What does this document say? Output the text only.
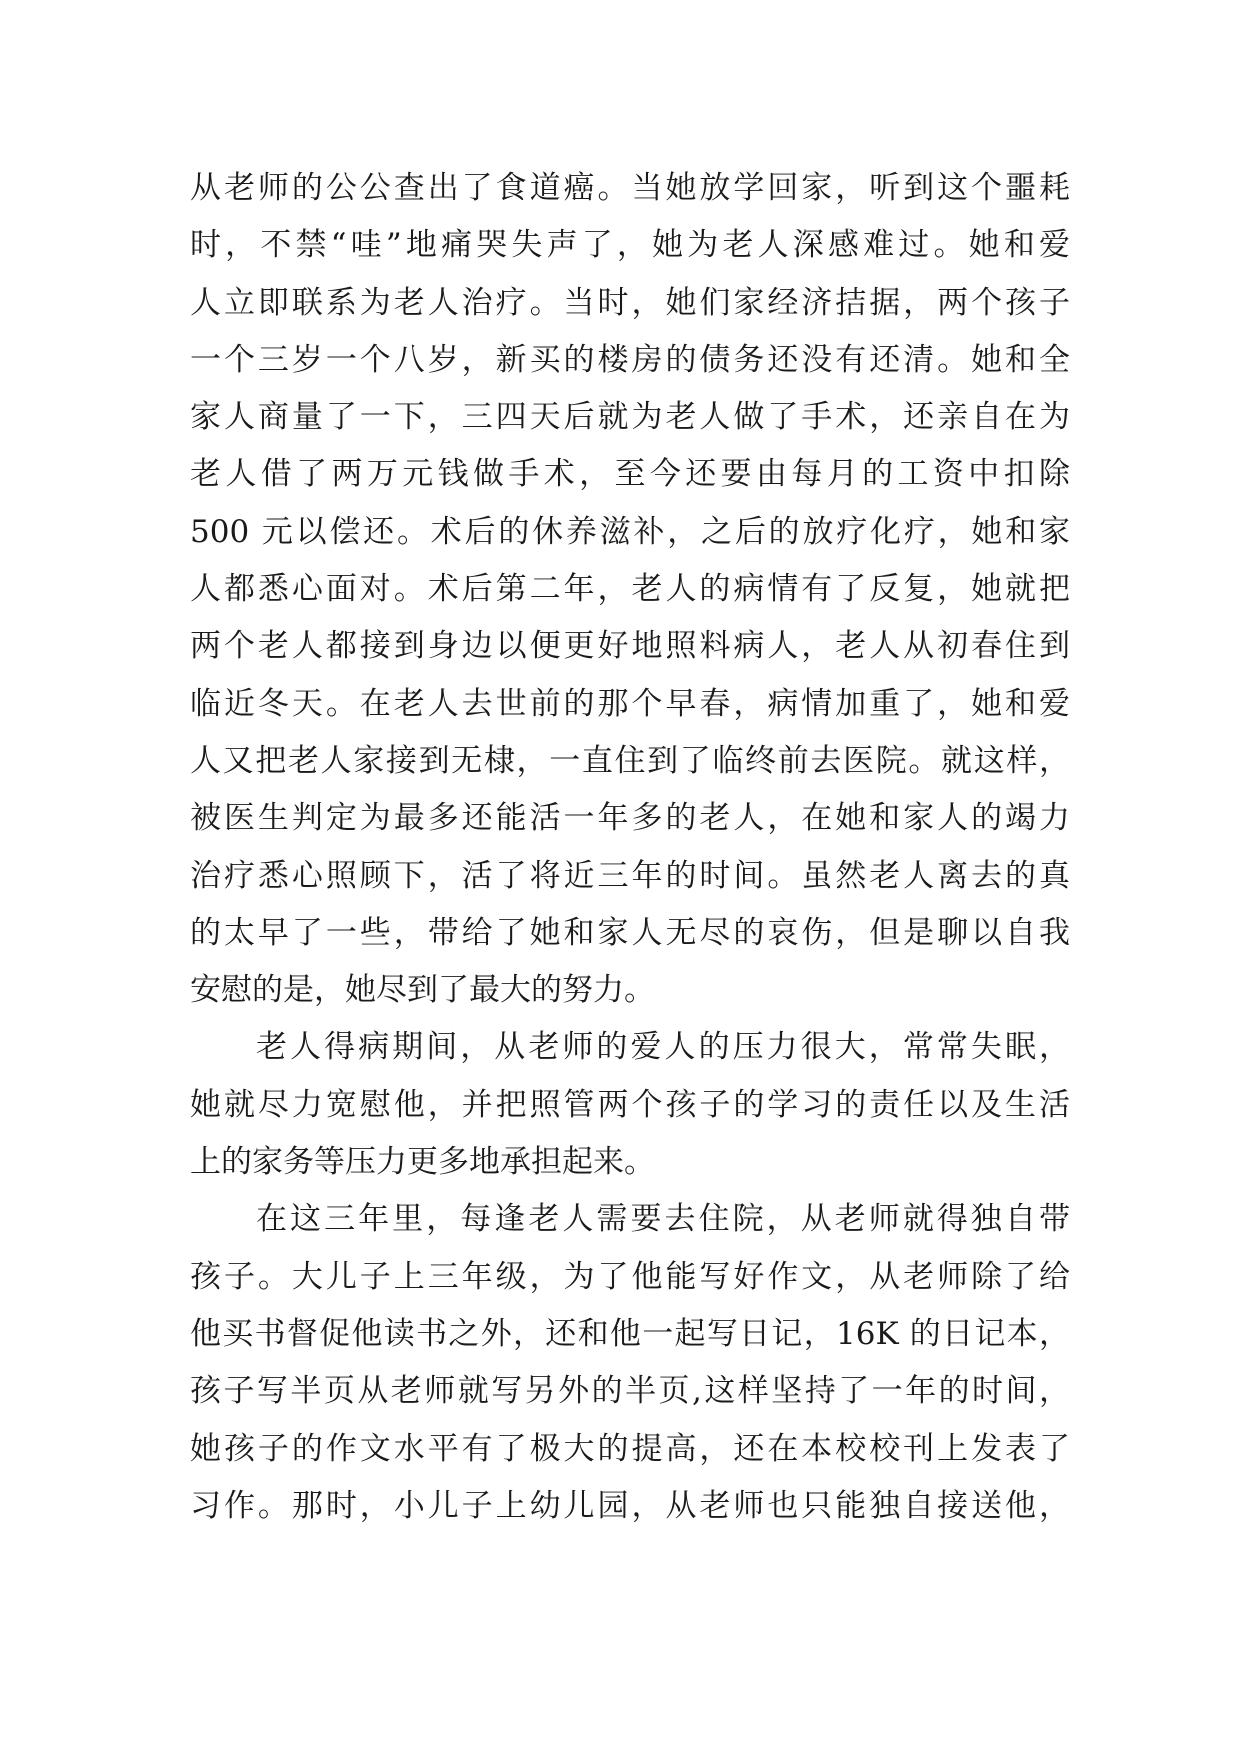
从老师的公公查出了食道癌。当她放学回家，听到这个噩耗
时，不禁“哇”地痛哭失声了，她为老人深感难过。她和爱
人立即联系为老人治疗。当时，她们家经济拮据，两个孩子
一个三岁一个八岁，新买的楼房的债务还没有还清。她和全
家人商量了一下，三四天后就为老人做了手术，还亲自在为
老人借了两万元钱做手术，至今还要由每月的工资中扣除
500 元以偿还。术后的休养滋补，之后的放疗化疗，她和家
人都悉心面对。术后第二年，老人的病情有了反复，她就把
两个老人都接到身边以便更好地照料病人，老人从初春住到
临近冬天。在老人去世前的那个早春，病情加重了，她和爱
人又把老人家接到无棣，一直住到了临终前去医院。就这样，
被医生判定为最多还能活一年多的老人，在她和家人的竭力
治疗悉心照顾下，活了将近三年的时间。虽然老人离去的真
的太早了一些，带给了她和家人无尽的哀伤，但是聊以自我
安慰的是，她尽到了最大的努力。
老人得病期间，从老师的爱人的压力很大，常常失眠，
她就尽力宽慰他，并把照管两个孩子的学习的责任以及生活
上的家务等压力更多地承担起来。
在这三年里，每逢老人需要去住院，从老师就得独自带
孩子。大儿子上三年级，为了他能写好作文，从老师除了给
他买书督促他读书之外，还和他一起写日记，16K 的日记本，
孩子写半页从老师就写另外的半页,这样坚持了一年的时间，
她孩子的作文水平有了极大的提高，还在本校校刊上发表了
习作。那时，小儿子上幼儿园，从老师也只能独自接送他，
